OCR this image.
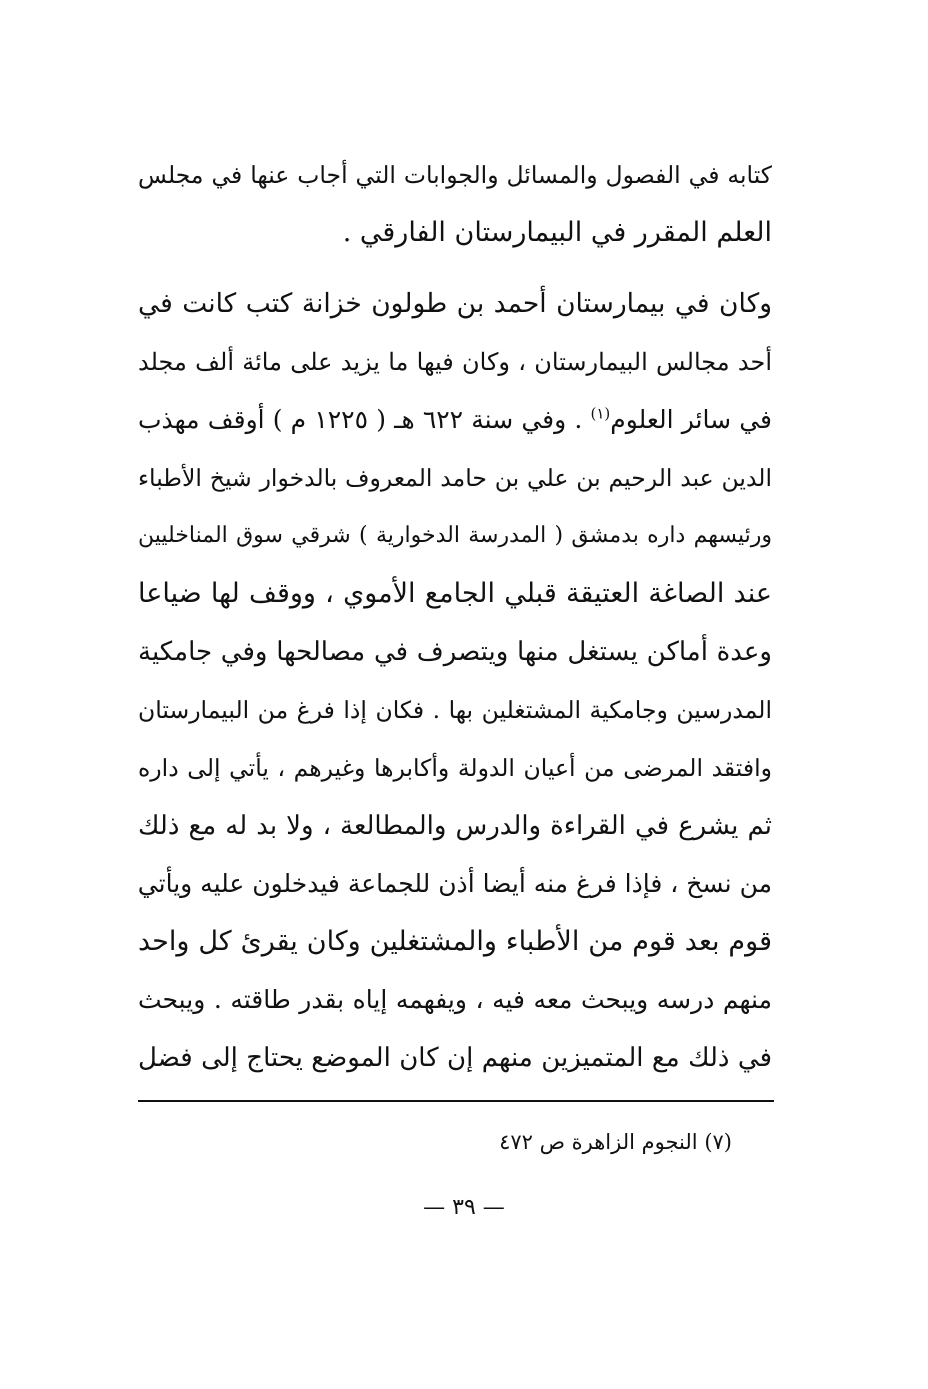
كتابه في الفصول والمسائل والجوابات التي أجاب عنها في مجلس
العلم المقرر في البيمارستان الفارقي .
وكان في بيمارستان أحمد بن طولون خزانة كتب كانت في
أحد مجالس البيمارستان ، وكان فيها ما يزيد على مائة ألف مجلد
في سائر العلوم$^{(١)}$ . وفي سنة ٦٢٢ هـ ( ١٢٢٥ م ) أوقف مهذب
الدين عبد الرحيم بن علي بن حامد المعروف بالدخوار شيخ الأطباء
ورئيسهم داره بدمشق ( المدرسة الدخوارية ) شرقي سوق المناخليين
عند الصاغة العتيقة قبلي الجامع الأموي ، ووقف لها ضياعا
وعدة أماكن يستغل منها ويتصرف في مصالحها وفي جامكية
المدرسين وجامكية المشتغلين بها . فكان إذا فرغ من البيمارستان
وافتقد المرضى من أعيان الدولة وأكابرها وغيرهم ، يأتي إلى داره
ثم يشرع في القراءة والدرس والمطالعة ، ولا بد له مع ذلك
من نسخ ، فإذا فرغ منه أيضا أذن للجماعة فيدخلون عليه ويأتي
قوم بعد قوم من الأطباء والمشتغلين وكان يقرئ كل واحد
منهم درسه ويبحث معه فيه ، ويفهمه إياه بقدر طاقته . ويبحث
في ذلك مع المتميزين منهم إن كان الموضع يحتاج إلى فضل
(٧) النجوم الزاهرة ص ٤٧٢
— ٣٩ —
